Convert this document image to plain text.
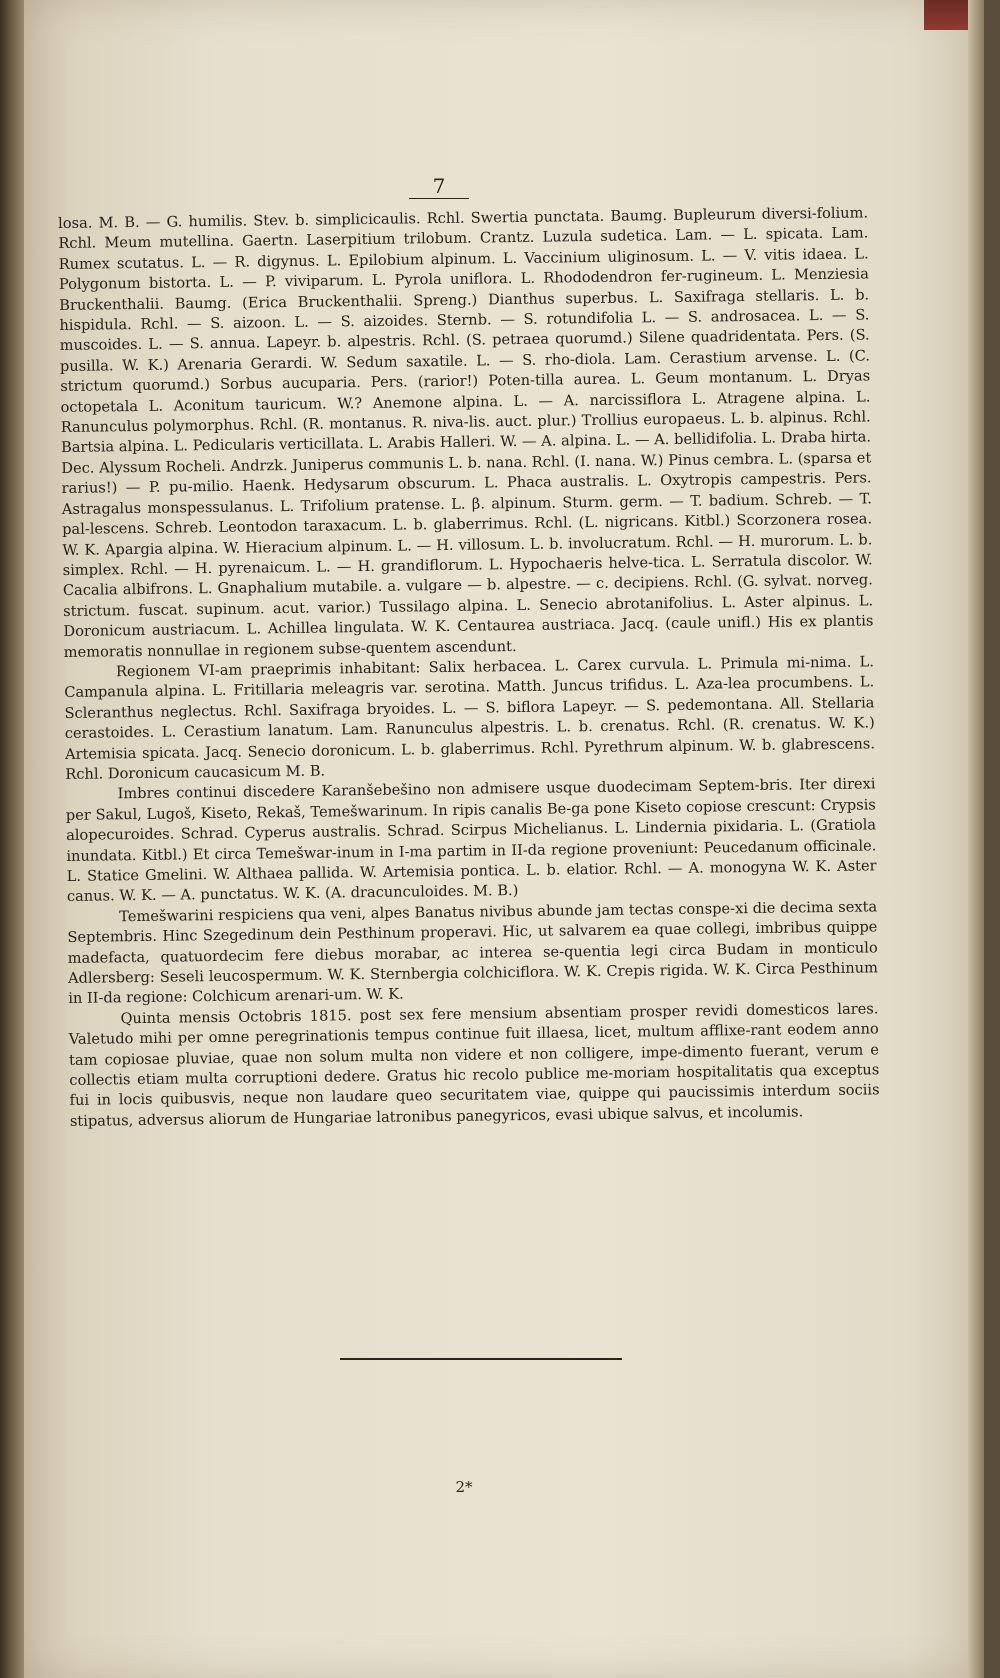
7

losa. M. B. — G. humilis. Stev. b. simplicicaulis. Rchl. Swertia punctata. Baumg. Bupleurum diversi-folium. Rchl. Meum mutellina. Gaertn. Laserpitium trilobum. Crantz. Luzula sudetica. Lam. — L. spicata. Lam. Rumex scutatus. L. — R. digynus. L. Epilobium alpinum. L. Vaccinium uliginosum. L. — V. vitis idaea. L. Polygonum bistorta. L. — P. viviparum. L. Pyrola uniflora. L. Rhododendron fer-rugineum. L. Menziesia Bruckenthalii. Baumg. (Erica Bruckenthalii. Spreng.) Dianthus superbus. L. Saxifraga stellaris. L. b. hispidula. Rchl. — S. aizoon. L. — S. aizoides. Sternb. — S. rotundifolia L. — S. androsacea. L. — S. muscoides. L. — S. annua. Lapeyr. b. alpestris. Rchl. (S. petraea quorumd.) Silene quadridentata. Pers. (S. pusilla. W. K.) Arenaria Gerardi. W. Sedum saxatile. L. — S. rho-diola. Lam. Cerastium arvense. L. (C. strictum quorumd.) Sorbus aucuparia. Pers. (rarior!) Poten-tilla aurea. L. Geum montanum. L. Dryas octopetala L. Aconitum tauricum. W.? Anemone alpina. L. — A. narcissiflora L. Atragene alpina. L. Ranunculus polymorphus. Rchl. (R. montanus. R. niva-lis. auct. plur.) Trollius europaeus. L. b. alpinus. Rchl. Bartsia alpina. L. Pedicularis verticillata. L. Arabis Halleri. W. — A. alpina. L. — A. bellidifolia. L. Draba hirta. Dec. Alyssum Rocheli. Andrzk. Juniperus communis L. b. nana. Rchl. (I. nana. W.) Pinus cembra. L. (sparsa et rarius!) — P. pu-milio. Haenk. Hedysarum obscurum. L. Phaca australis. L. Oxytropis campestris. Pers. Astragalus monspessulanus. L. Trifolium pratense. L. β. alpinum. Sturm. germ. — T. badium. Schreb. — T. pal-lescens. Schreb. Leontodon taraxacum. L. b. glaberrimus. Rchl. (L. nigricans. Kitbl.) Scorzonera rosea. W. K. Apargia alpina. W. Hieracium alpinum. L. — H. villosum. L. b. involucratum. Rchl. — H. murorum. L. b. simplex. Rchl. — H. pyrenaicum. L. — H. grandiflorum. L. Hypochaeris helve-tica. L. Serratula discolor. W. Cacalia albifrons. L. Gnaphalium mutabile. a. vulgare — b. alpestre. — c. decipiens. Rchl. (G. sylvat. norveg. strictum. fuscat. supinum. acut. varior.) Tussilago alpina. L. Senecio abrotanifolius. L. Aster alpinus. L. Doronicum austriacum. L. Achillea lingulata. W. K. Centaurea austriaca. Jacq. (caule unifl.) His ex plantis memoratis nonnullae in regionem subse-quentem ascendunt.

Regionem VI-am praeprimis inhabitant: Salix herbacea. L. Carex curvula. L. Primula mi-nima. L. Campanula alpina. L. Fritillaria meleagris var. serotina. Matth. Juncus trifidus. L. Aza-lea procumbens. L. Scleranthus neglectus. Rchl. Saxifraga bryoides. L. — S. biflora Lapeyr. — S. pedemontana. All. Stellaria cerastoides. L. Cerastium lanatum. Lam. Ranunculus alpestris. L. b. crenatus. Rchl. (R. crenatus. W. K.) Artemisia spicata. Jacq. Senecio doronicum. L. b. glaberrimus. Rchl. Pyrethrum alpinum. W. b. glabrescens. Rchl. Doronicum caucasicum M. B.

Imbres continui discedere Karanšebešino non admisere usque duodecimam Septem-bris. Iter direxi per Sakul, Lugoš, Kiseto, Rekaš, Temešwarinum. In ripis canalis Be-ga pone Kiseto copiose crescunt: Crypsis alopecuroides. Schrad. Cyperus australis. Schrad. Scirpus Michelianus. L. Lindernia pixidaria. L. (Gratiola inundata. Kitbl.) Et circa Temešwar-inum in I-ma partim in II-da regione proveniunt: Peucedanum officinale. L. Statice Gmelini. W. Althaea pallida. W. Artemisia pontica. L. b. elatior. Rchl. — A. monogyna W. K. Aster canus. W. K. — A. punctatus. W. K. (A. dracunculoides. M. B.)

Temešwarini respiciens qua veni, alpes Banatus nivibus abunde jam tectas conspe-xi die decima sexta Septembris. Hinc Szegedinum dein Pesthinum properavi. Hic, ut salvarem ea quae collegi, imbribus quippe madefacta, quatuordecim fere diebus morabar, ac interea se-quentia legi circa Budam in monticulo Adlersberg: Seseli leucospermum. W. K. Sternbergia colchiciflora. W. K. Crepis rigida. W. K. Circa Pesthinum in II-da regione: Colchicum arenari-um. W. K.

Quinta mensis Octobris 1815. post sex fere mensium absentiam prosper revidi domesticos lares. Valetudo mihi per omne peregrinationis tempus continue fuit illaesa, licet, multum afflixe-rant eodem anno tam copiosae pluviae, quae non solum multa non videre et non colligere, impe-dimento fuerant, verum e collectis etiam multa corruptioni dedere. Gratus hic recolo publice me-moriam hospitalitatis qua exceptus fui in locis quibusvis, neque non laudare queo securitatem viae, quippe qui paucissimis interdum sociis stipatus, adversus aliorum de Hungariae latronibus panegyricos, evasi ubique salvus, et incolumis.

2*
